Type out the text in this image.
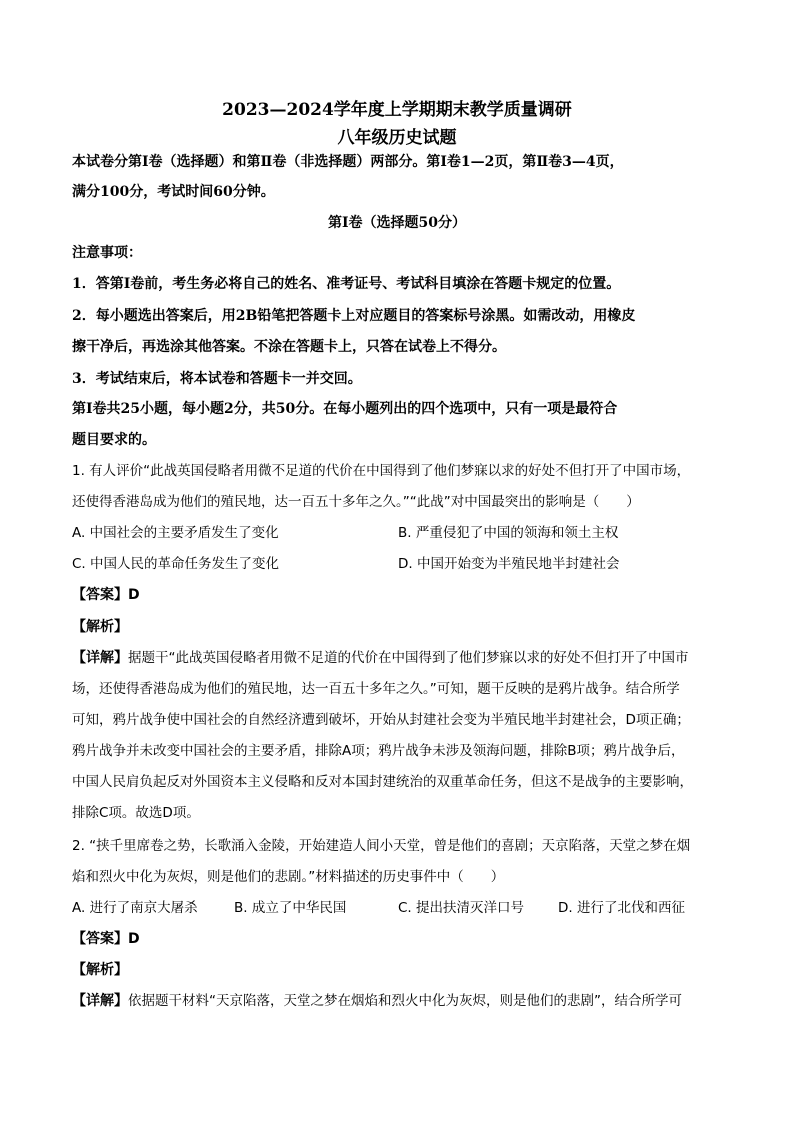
2023—2024学年度上学期期末教学质量调研
八年级历史试题
本试卷分第Ⅰ卷（选择题）和第Ⅱ卷（非选择题）两部分。第Ⅰ卷1—2页，第Ⅱ卷3—4页，
满分100分，考试时间60分钟。
第Ⅰ卷（选择题50分）
注意事项：
1．答第Ⅰ卷前，考生务必将自己的姓名、准考证号、考试科目填涂在答题卡规定的位置。
2．每小题选出答案后，用2B铅笔把答题卡上对应题目的答案标号涂黑。如需改动，用橡皮
擦干净后，再选涂其他答案。不涂在答题卡上，只答在试卷上不得分。
3．考试结束后，将本试卷和答题卡一并交回。
第Ⅰ卷共25小题，每小题2分，共50分。在每小题列出的四个选项中，只有一项是最符合
题目要求的。
1. 有人评价“此战英国侵略者用微不足道的代价在中国得到了他们梦寐以求的好处不但打开了中国市场，
还使得香港岛成为他们的殖民地，达一百五十多年之久。”“此战”对中国最突出的影响是（　　）
A. 中国社会的主要矛盾发生了变化	B. 严重侵犯了中国的领海和领土主权
C. 中国人民的革命任务发生了变化	D. 中国开始变为半殖民地半封建社会
【答案】D
【解析】
【详解】据题干“此战英国侵略者用微不足道的代价在中国得到了他们梦寐以求的好处不但打开了中国市
场，还使得香港岛成为他们的殖民地，达一百五十多年之久。”可知，题干反映的是鸦片战争。结合所学
可知，鸦片战争使中国社会的自然经济遭到破坏，开始从封建社会变为半殖民地半封建社会，D项正确；
鸦片战争并未改变中国社会的主要矛盾，排除A项；鸦片战争未涉及领海问题，排除B项；鸦片战争后，
中国人民肩负起反对外国资本主义侵略和反对本国封建统治的双重革命任务，但这不是战争的主要影响，
排除C项。故选D项。
2. “挟千里席卷之势，长歌涌入金陵，开始建造人间小天堂，曾是他们的喜剧；天京陷落，天堂之梦在烟
焰和烈火中化为灰烬，则是他们的悲剧。”材料描述的历史事件中（　　）
A. 进行了南京大屠杀	B. 成立了中华民国	C. 提出扶清灭洋口号	D. 进行了北伐和西征
【答案】D
【解析】
【详解】依据题干材料“天京陷落，天堂之梦在烟焰和烈火中化为灰烬，则是他们的悲剧”，结合所学可
